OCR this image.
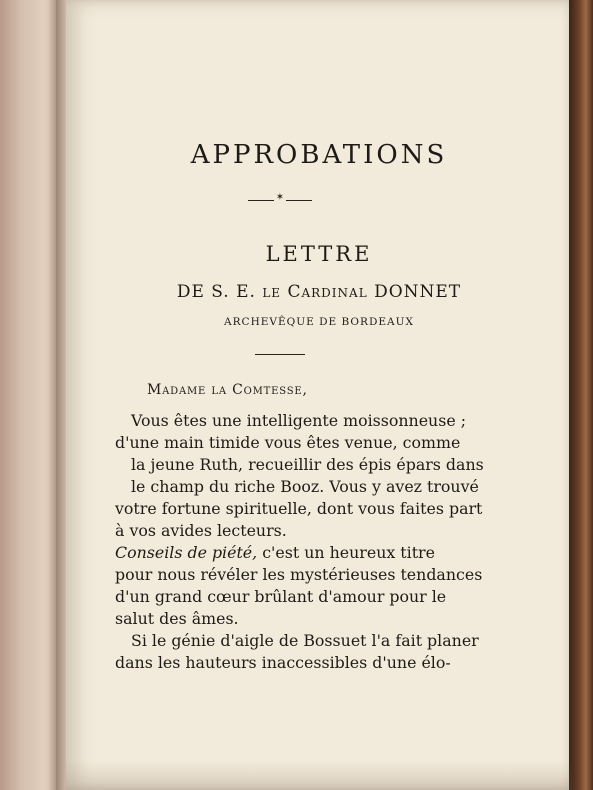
APPROBATIONS
✶
LETTRE
DE S. E. le Cardinal DONNET
ARCHEVÊQUE DE BORDEAUX
Madame la Comtesse,
Vous êtes une intelligente moissonneuse ;
d'une main timide vous êtes venue, comme
la jeune Ruth, recueillir des épis épars dans
le champ du riche Booz. Vous y avez trouvé
votre fortune spirituelle, dont vous faites part
à vos avides lecteurs.
Conseils de piété, c'est un heureux titre
pour nous révéler les mystérieuses tendances
d'un grand cœur brûlant d'amour pour le
salut des âmes.
Si le génie d'aigle de Bossuet l'a fait planer
dans les hauteurs inaccessibles d'une élo-
